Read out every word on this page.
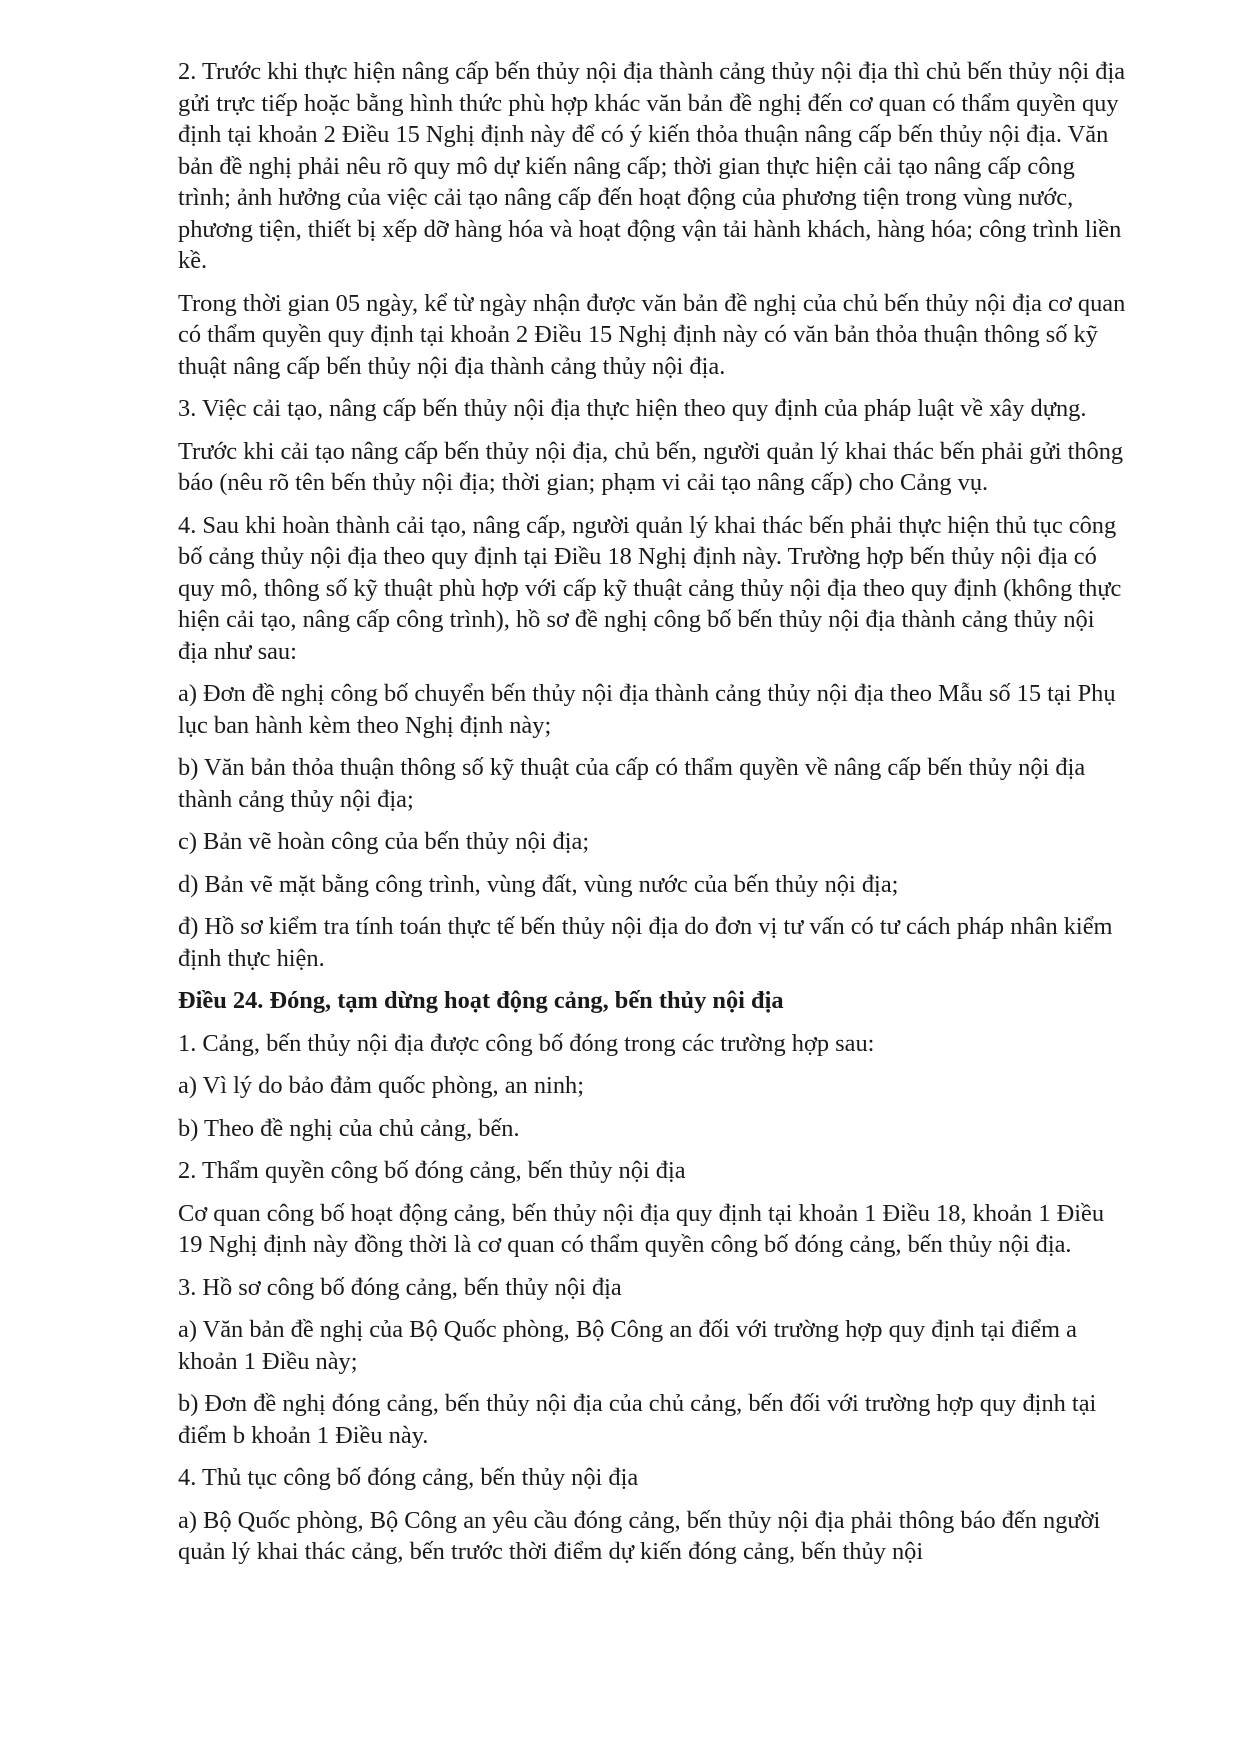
2. Trước khi thực hiện nâng cấp bến thủy nội địa thành cảng thủy nội địa thì chủ bến thủy nội địa gửi trực tiếp hoặc bằng hình thức phù hợp khác văn bản đề nghị đến cơ quan có thẩm quyền quy định tại khoản 2 Điều 15 Nghị định này để có ý kiến thỏa thuận nâng cấp bến thủy nội địa. Văn bản đề nghị phải nêu rõ quy mô dự kiến nâng cấp; thời gian thực hiện cải tạo nâng cấp công trình; ảnh hưởng của việc cải tạo nâng cấp đến hoạt động của phương tiện trong vùng nước, phương tiện, thiết bị xếp dỡ hàng hóa và hoạt động vận tải hành khách, hàng hóa; công trình liền kề.

Trong thời gian 05 ngày, kể từ ngày nhận được văn bản đề nghị của chủ bến thủy nội địa cơ quan có thẩm quyền quy định tại khoản 2 Điều 15 Nghị định này có văn bản thỏa thuận thông số kỹ thuật nâng cấp bến thủy nội địa thành cảng thủy nội địa.

3. Việc cải tạo, nâng cấp bến thủy nội địa thực hiện theo quy định của pháp luật về xây dựng.

Trước khi cải tạo nâng cấp bến thủy nội địa, chủ bến, người quản lý khai thác bến phải gửi thông báo (nêu rõ tên bến thủy nội địa; thời gian; phạm vi cải tạo nâng cấp) cho Cảng vụ.

4. Sau khi hoàn thành cải tạo, nâng cấp, người quản lý khai thác bến phải thực hiện thủ tục công bố cảng thủy nội địa theo quy định tại Điều 18 Nghị định này. Trường hợp bến thủy nội địa có quy mô, thông số kỹ thuật phù hợp với cấp kỹ thuật cảng thủy nội địa theo quy định (không thực hiện cải tạo, nâng cấp công trình), hồ sơ đề nghị công bố bến thủy nội địa thành cảng thủy nội địa như sau:

a) Đơn đề nghị công bố chuyển bến thủy nội địa thành cảng thủy nội địa theo Mẫu số 15 tại Phụ lục ban hành kèm theo Nghị định này;

b) Văn bản thỏa thuận thông số kỹ thuật của cấp có thẩm quyền về nâng cấp bến thủy nội địa thành cảng thủy nội địa;

c) Bản vẽ hoàn công của bến thủy nội địa;

d) Bản vẽ mặt bằng công trình, vùng đất, vùng nước của bến thủy nội địa;

đ) Hồ sơ kiểm tra tính toán thực tế bến thủy nội địa do đơn vị tư vấn có tư cách pháp nhân kiểm định thực hiện.

Điều 24. Đóng, tạm dừng hoạt động cảng, bến thủy nội địa

1. Cảng, bến thủy nội địa được công bố đóng trong các trường hợp sau:

a) Vì lý do bảo đảm quốc phòng, an ninh;

b) Theo đề nghị của chủ cảng, bến.

2. Thẩm quyền công bố đóng cảng, bến thủy nội địa

Cơ quan công bố hoạt động cảng, bến thủy nội địa quy định tại khoản 1 Điều 18, khoản 1 Điều 19 Nghị định này đồng thời là cơ quan có thẩm quyền công bố đóng cảng, bến thủy nội địa.

3. Hồ sơ công bố đóng cảng, bến thủy nội địa

a) Văn bản đề nghị của Bộ Quốc phòng, Bộ Công an đối với trường hợp quy định tại điểm a khoản 1 Điều này;

b) Đơn đề nghị đóng cảng, bến thủy nội địa của chủ cảng, bến đối với trường hợp quy định tại điểm b khoản 1 Điều này.

4. Thủ tục công bố đóng cảng, bến thủy nội địa

a) Bộ Quốc phòng, Bộ Công an yêu cầu đóng cảng, bến thủy nội địa phải thông báo đến người quản lý khai thác cảng, bến trước thời điểm dự kiến đóng cảng, bến thủy nội
